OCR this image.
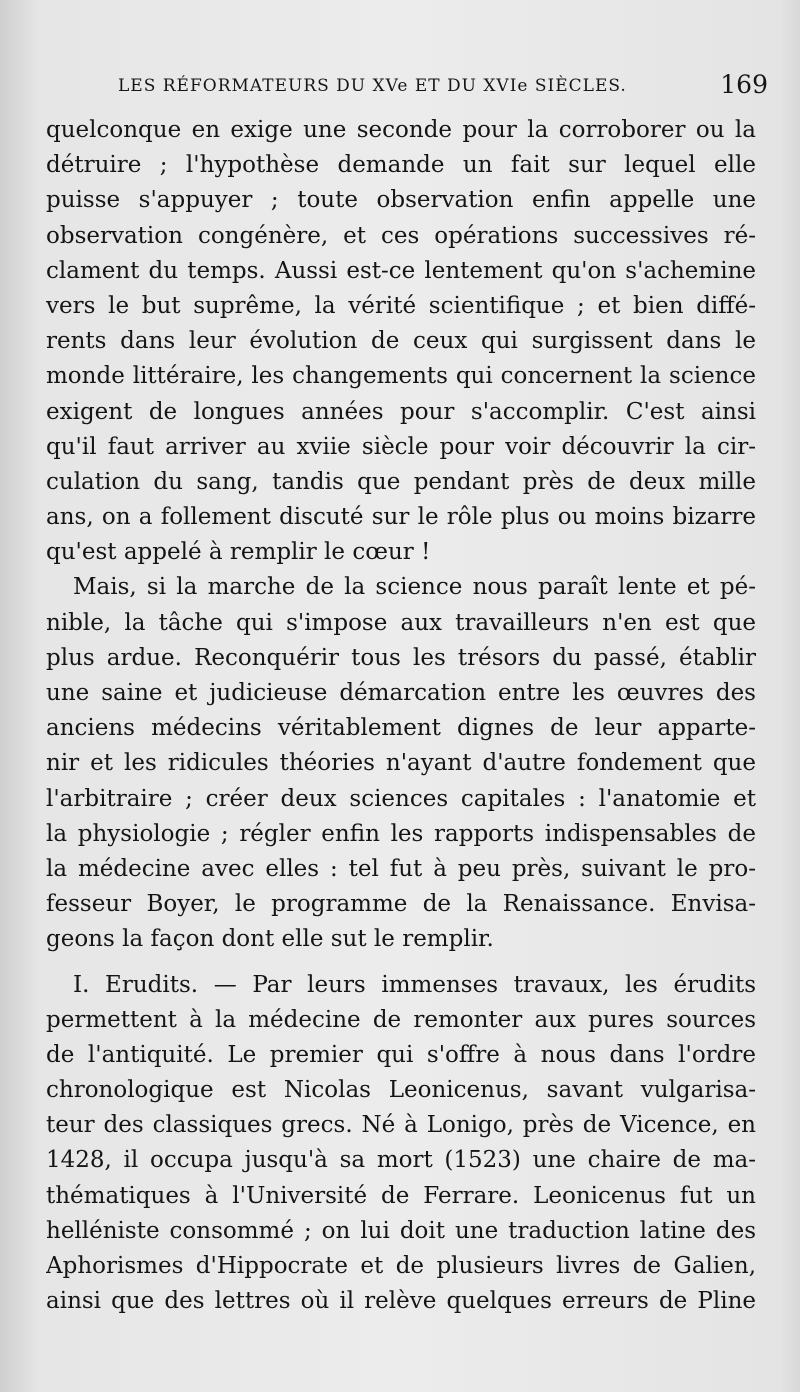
LES RÉFORMATEURS DU XVe ET DU XVIe SIÈCLES.	169
quelconque en exige une seconde pour la corroborer ou la
détruire ; l'hypothèse demande un fait sur lequel elle
puisse s'appuyer ; toute observation enfin appelle une
observation congénère, et ces opérations successives ré-
clament du temps. Aussi est-ce lentement qu'on s'achemine
vers le but suprême, la vérité scientifique ; et bien diffé-
rents dans leur évolution de ceux qui surgissent dans le
monde littéraire, les changements qui concernent la science
exigent de longues années pour s'accomplir. C'est ainsi
qu'il faut arriver au xviie siècle pour voir découvrir la cir-
culation du sang, tandis que pendant près de deux mille
ans, on a follement discuté sur le rôle plus ou moins bizarre
qu'est appelé à remplir le cœur !
Mais, si la marche de la science nous paraît lente et pé-
nible, la tâche qui s'impose aux travailleurs n'en est que
plus ardue. Reconquérir tous les trésors du passé, établir
une saine et judicieuse démarcation entre les œuvres des
anciens médecins véritablement dignes de leur apparte-
nir et les ridicules théories n'ayant d'autre fondement que
l'arbitraire ; créer deux sciences capitales : l'anatomie et
la physiologie ; régler enfin les rapports indispensables de
la médecine avec elles : tel fut à peu près, suivant le pro-
fesseur Boyer, le programme de la Renaissance. Envisa-
geons la façon dont elle sut le remplir.
I. Erudits. — Par leurs immenses travaux, les érudits
permettent à la médecine de remonter aux pures sources
de l'antiquité. Le premier qui s'offre à nous dans l'ordre
chronologique est Nicolas Leonicenus, savant vulgarisa-
teur des classiques grecs. Né à Lonigo, près de Vicence, en
1428, il occupa jusqu'à sa mort (1523) une chaire de ma-
thématiques à l'Université de Ferrare. Leonicenus fut un
helléniste consommé ; on lui doit une traduction latine des
Aphorismes d'Hippocrate et de plusieurs livres de Galien,
ainsi que des lettres où il relève quelques erreurs de Pline
